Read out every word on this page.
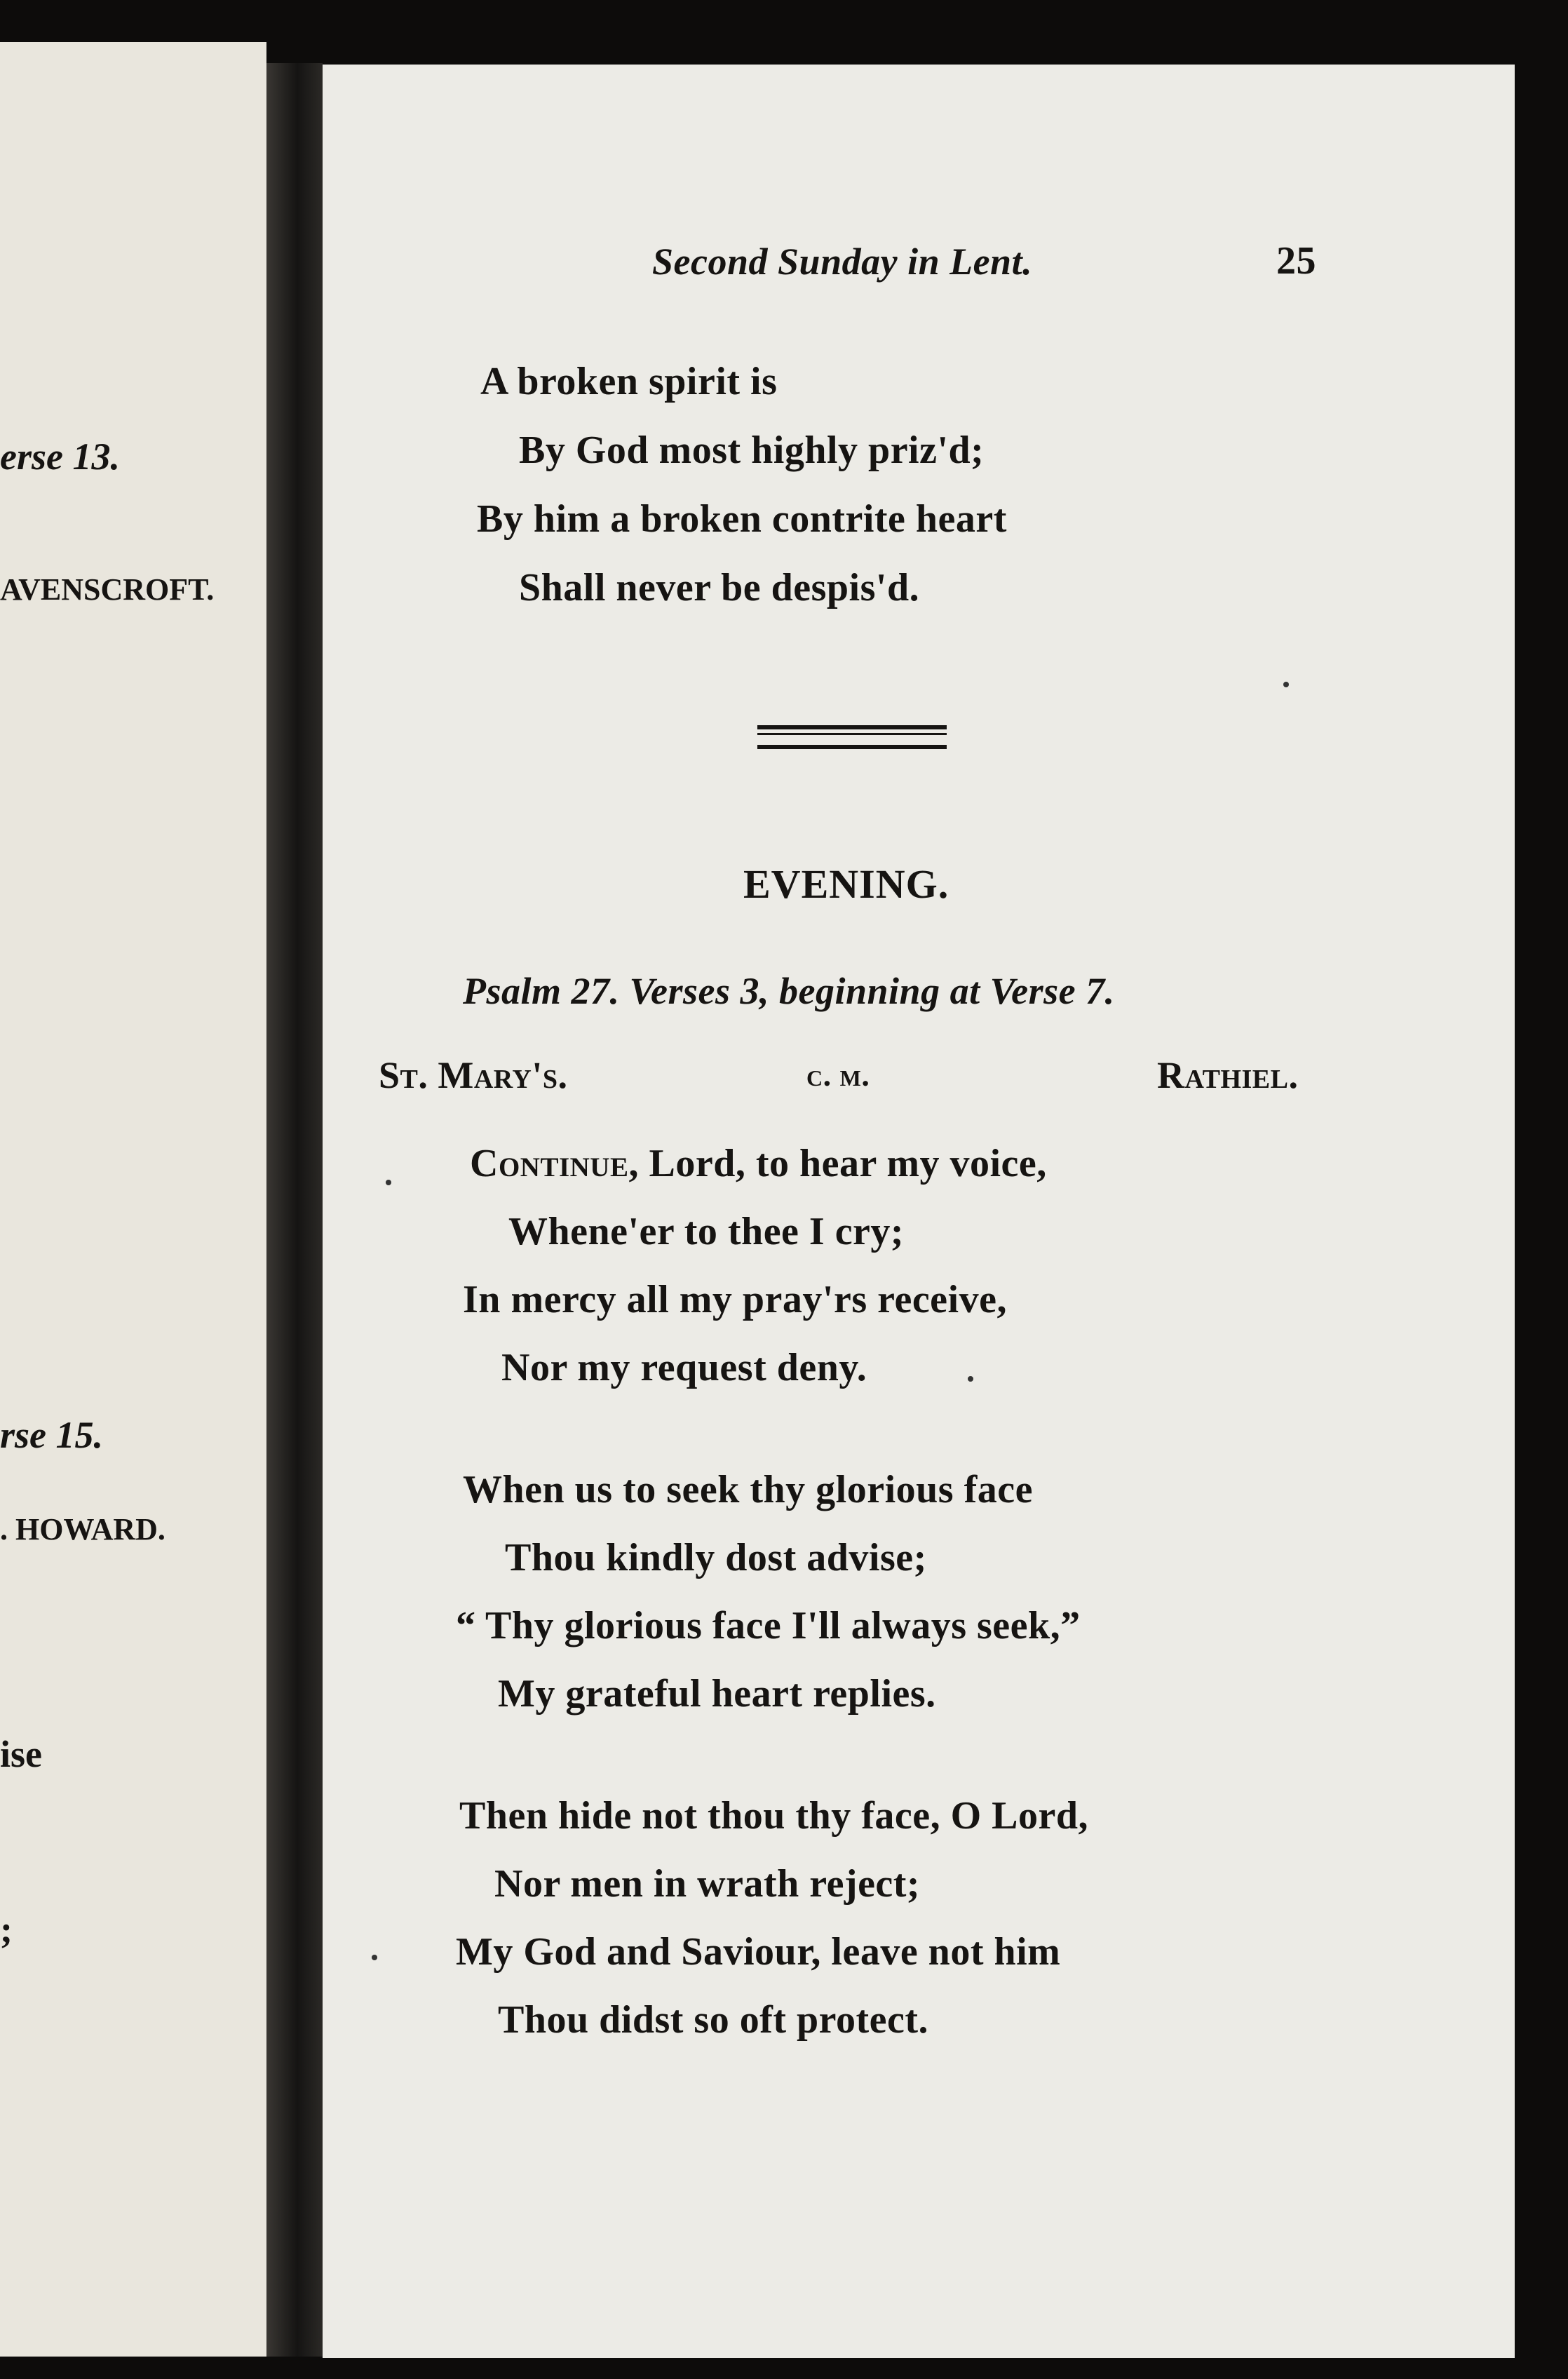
erse 13.
AVENSCROFT.
rse 15.
. HOWARD.
ise
;
Second Sunday in Lent.	25
A broken spirit is
By God most highly priz'd;
By him a broken contrite heart
Shall never be despis'd.
EVENING.
Psalm 27. Verses 3, beginning at Verse 7.
St. Mary's.	c. m.	Rathiel.
Continue, Lord, to hear my voice,
Whene'er to thee I cry;
In mercy all my pray'rs receive,
Nor my request deny.
When us to seek thy glorious face
Thou kindly dost advise;
“ Thy glorious face I'll always seek,”
My grateful heart replies.
Then hide not thou thy face, O Lord,
Nor men in wrath reject;
My God and Saviour, leave not him
Thou didst so oft protect.
